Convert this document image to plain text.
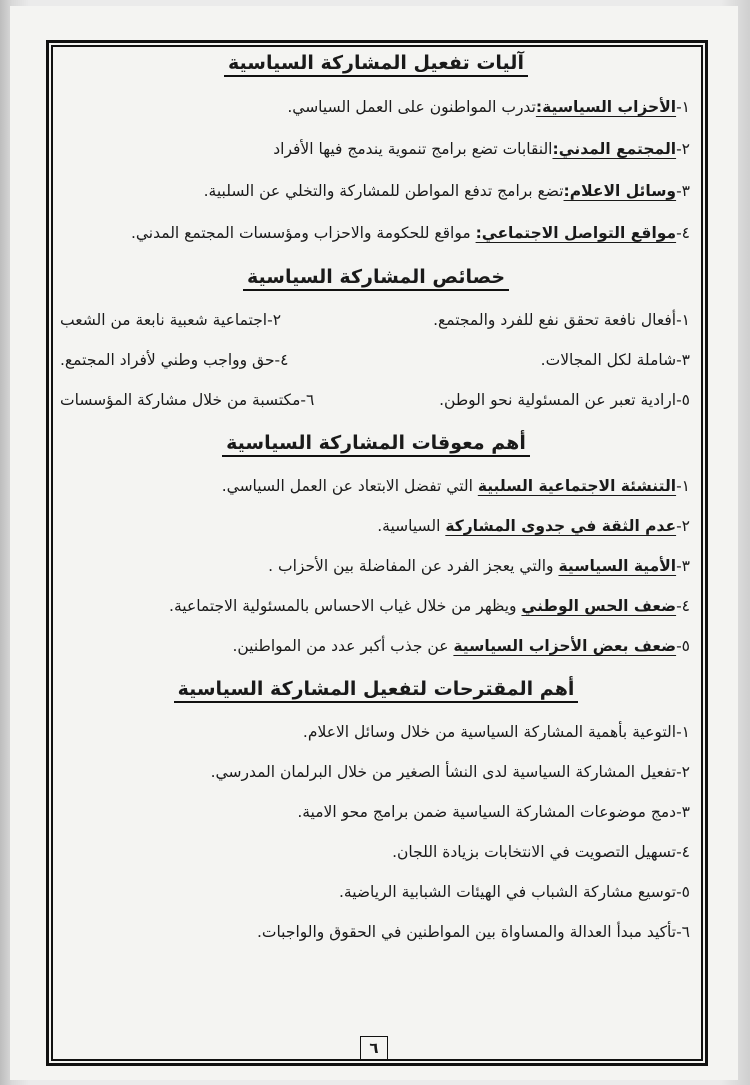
آليات تفعيل المشاركة السياسية
١-الأحزاب السياسية:تدرب المواطنون على العمل السياسي.
٢-المجتمع المدني:النقابات تضع برامج تنموية يندمج فيها الأفراد
٣-وسائل الاعلام:تضع برامج تدفع المواطن للمشاركة والتخلي عن السلبية.
٤-مواقع التواصل الاجتماعي: مواقع للحكومة والاحزاب ومؤسسات المجتمع المدني.
خصائص المشاركة السياسية
١-أفعال نافعة تحقق نفع للفرد والمجتمع.
٢-اجتماعية شعبية نابعة من الشعب
٣-شاملة لكل المجالات.
٤-حق وواجب وطني لأفراد المجتمع.
٥-ارادية تعبر عن المسئولية نحو الوطن.
٦-مكتسبة من خلال مشاركة المؤسسات
أهم معوقات المشاركة السياسية
١-التنشئة الاجتماعية السلبية التي تفضل الابتعاد عن العمل السياسي.
٢-عدم الثقة في جدوى المشاركة السياسية.
٣-الأمية السياسية والتي يعجز الفرد عن المفاضلة بين الأحزاب .
٤-ضعف الحس الوطني ويظهر من خلال غياب الاحساس بالمسئولية الاجتماعية.
٥-ضعف بعض الأحزاب السياسية عن جذب أكبر عدد من المواطنين.
أهم المقترحات لتفعيل المشاركة السياسية
١-التوعية بأهمية المشاركة السياسية من خلال وسائل الاعلام.
٢-تفعيل المشاركة السياسية لدى النشأ الصغير من خلال البرلمان المدرسي.
٣-دمج موضوعات المشاركة السياسية ضمن برامج محو الامية.
٤-تسهيل التصويت في الانتخابات بزيادة اللجان.
٥-توسيع مشاركة الشباب في الهيئات الشبابية الرياضية.
٦-تأكيد مبدأ العدالة والمساواة بين المواطنين في الحقوق والواجبات.
٦
